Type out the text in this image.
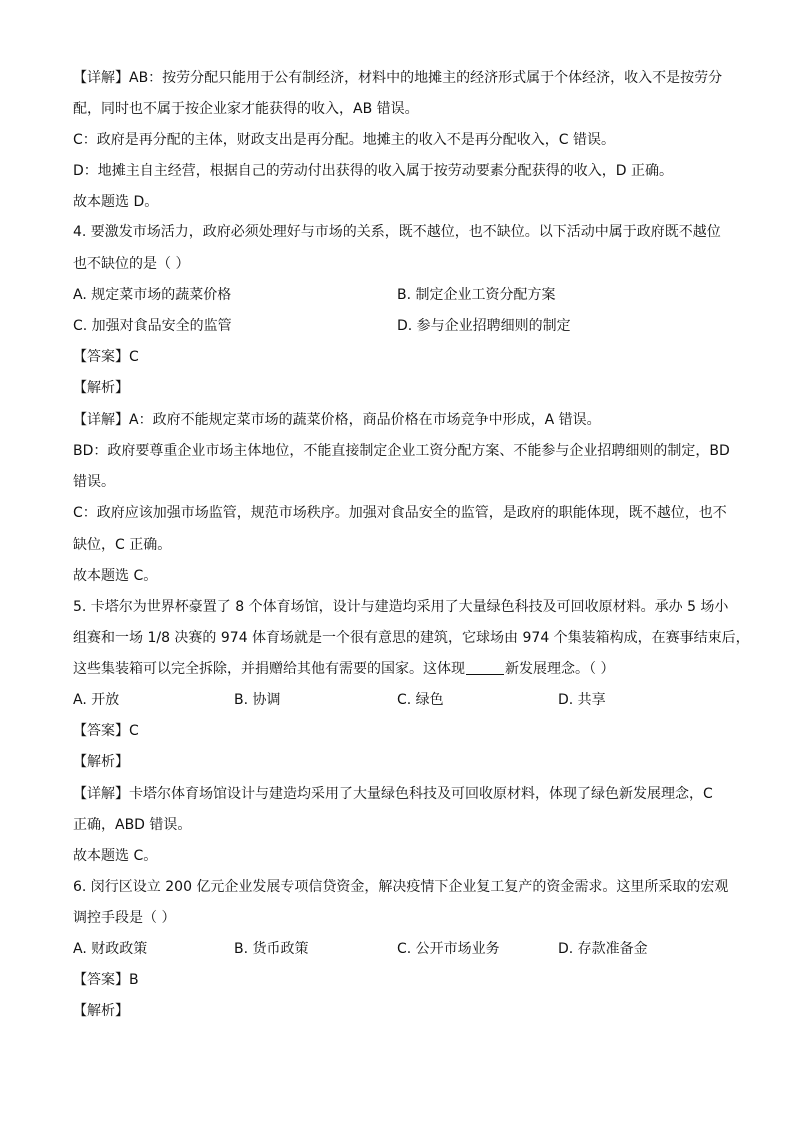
【详解】AB：按劳分配只能用于公有制经济，材料中的地摊主的经济形式属于个体经济，收入不是按劳分
配，同时也不属于按企业家才能获得的收入，AB 错误。
C：政府是再分配的主体，财政支出是再分配。地摊主的收入不是再分配收入，C 错误。
D：地摊主自主经营，根据自己的劳动付出获得的收入属于按劳动要素分配获得的收入，D 正确。
故本题选 D。
4. 要激发市场活力，政府必须处理好与市场的关系，既不越位，也不缺位。以下活动中属于政府既不越位
也不缺位的是（ ）
A. 规定菜市场的蔬菜价格	B. 制定企业工资分配方案
C. 加强对食品安全的监管	D. 参与企业招聘细则的制定
【答案】C
【解析】
【详解】A：政府不能规定菜市场的蔬菜价格，商品价格在市场竞争中形成，A 错误。
BD：政府要尊重企业市场主体地位，不能直接制定企业工资分配方案、不能参与企业招聘细则的制定，BD
错误。
C：政府应该加强市场监管，规范市场秩序。加强对食品安全的监管，是政府的职能体现，既不越位，也不
缺位，C 正确。
故本题选 C。
5. 卡塔尔为世界杯豪置了 8 个体育场馆，设计与建造均采用了大量绿色科技及可回收原材料。承办 5 场小
组赛和一场 1/8 决赛的 974 体育场就是一个很有意思的建筑，它球场由 974 个集装箱构成，在赛事结束后，
这些集装箱可以完全拆除，并捐赠给其他有需要的国家。这体现	新发展理念。（ ）
A. 开放	B. 协调	C. 绿色	D. 共享
【答案】C
【解析】
【详解】卡塔尔体育场馆设计与建造均采用了大量绿色科技及可回收原材料，体现了绿色新发展理念，C
正确，ABD 错误。
故本题选 C。
6. 闵行区设立 200 亿元企业发展专项信贷资金，解决疫情下企业复工复产的资金需求。这里所采取的宏观
调控手段是（ ）
A. 财政政策	B. 货币政策	C. 公开市场业务	D. 存款准备金
【答案】B
【解析】
